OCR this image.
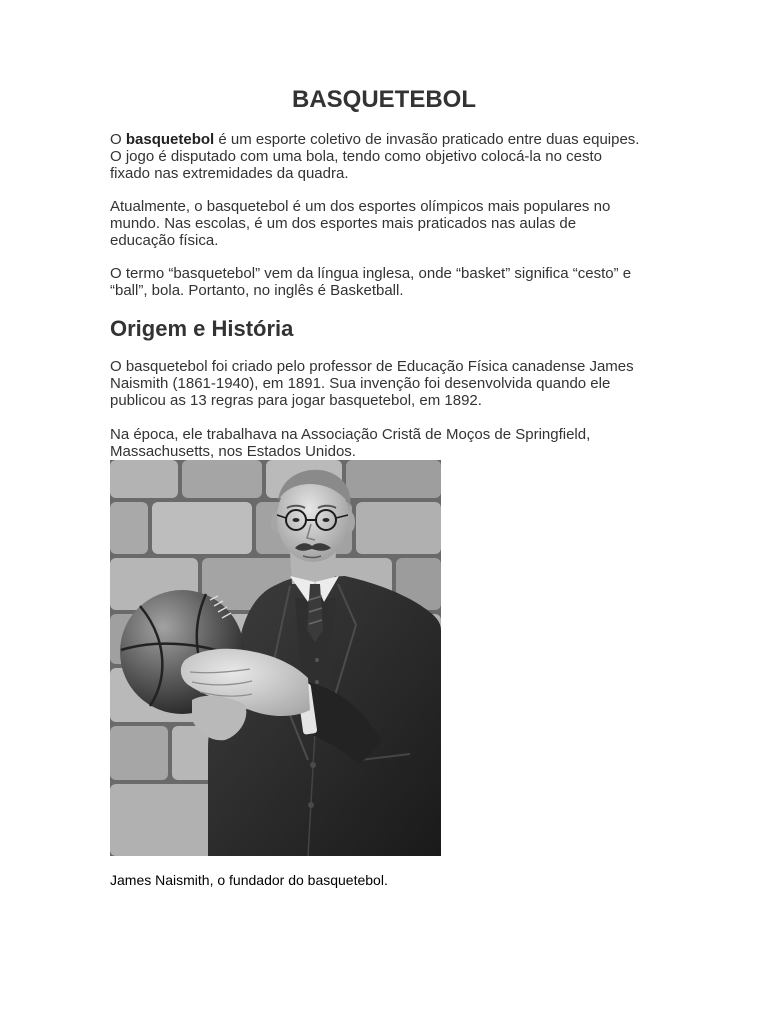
BASQUETEBOL
O basquetebol é um esporte coletivo de invasão praticado entre duas equipes.
O jogo é disputado com uma bola, tendo como objetivo colocá-la no cesto
fixado nas extremidades da quadra.
Atualmente, o basquetebol é um dos esportes olímpicos mais populares no
mundo. Nas escolas, é um dos esportes mais praticados nas aulas de
educação física.
O termo “basquetebol” vem da língua inglesa, onde “basket” significa “cesto” e
“ball”, bola. Portanto, no inglês é Basketball.
Origem e História
O basquetebol foi criado pelo professor de Educação Física canadense James
Naismith (1861-1940), em 1891. Sua invenção foi desenvolvida quando ele
publicou as 13 regras para jogar basquetebol, em 1892.
Na época, ele trabalhava na Associação Cristã de Moços de Springfield,
Massachusetts, nos Estados Unidos.
James Naismith, o fundador do basquetebol.
